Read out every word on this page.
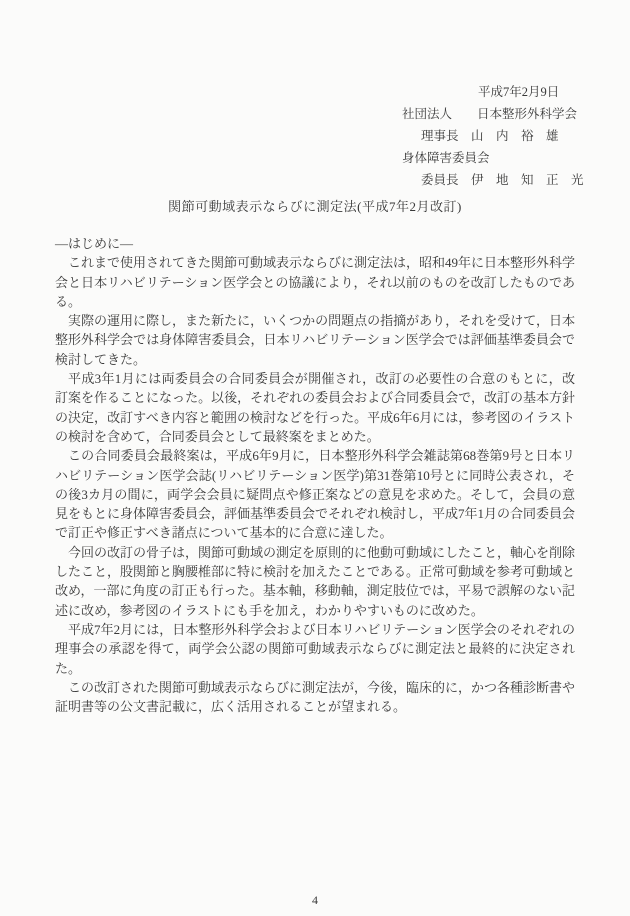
平成7年2月9日

社団法人　　日本整形外科学会

理事長　山　内　裕　雄

身体障害委員会

委員長　伊　地　知　正　光

関節可動域表示ならびに測定法(平成7年2月改訂)

—はじめに—

これまで使用されてきた関節可動域表示ならびに測定法は，昭和49年に日本整形外科学会と日本リハビリテーション医学会との協議により，それ以前のものを改訂したものである。

実際の運用に際し，また新たに，いくつかの問題点の指摘があり，それを受けて，日本整形外科学会では身体障害委員会，日本リハビリテーション医学会では評価基準委員会で検討してきた。

平成3年1月には両委員会の合同委員会が開催され，改訂の必要性の合意のもとに，改訂案を作ることになった。以後，それぞれの委員会および合同委員会で，改訂の基本方針の決定，改訂すべき内容と範囲の検討などを行った。平成6年6月には，参考図のイラストの検討を含めて，合同委員会として最終案をまとめた。

この合同委員会最終案は，平成6年9月に，日本整形外科学会雑誌第68巻第9号と日本リハビリテーション医学会誌(リハビリテーション医学)第31巻第10号とに同時公表され，その後3カ月の間に，両学会会員に疑問点や修正案などの意見を求めた。そして，会員の意見をもとに身体障害委員会，評価基準委員会でそれぞれ検討し，平成7年1月の合同委員会で訂正や修正すべき諸点について基本的に合意に達した。

今回の改訂の骨子は，関節可動域の測定を原則的に他動可動域にしたこと，軸心を削除したこと，股関節と胸腰椎部に特に検討を加えたことである。正常可動域を参考可動域と改め，一部に角度の訂正も行った。基本軸，移動軸，測定肢位では，平易で誤解のない記述に改め，参考図のイラストにも手を加え，わかりやすいものに改めた。

平成7年2月には，日本整形外科学会および日本リハビリテーション医学会のそれぞれの理事会の承認を得て，両学会公認の関節可動域表示ならびに測定法と最終的に決定された。

この改訂された関節可動域表示ならびに測定法が，今後，臨床的に，かつ各種診断書や証明書等の公文書記載に，広く活用されることが望まれる。

4
